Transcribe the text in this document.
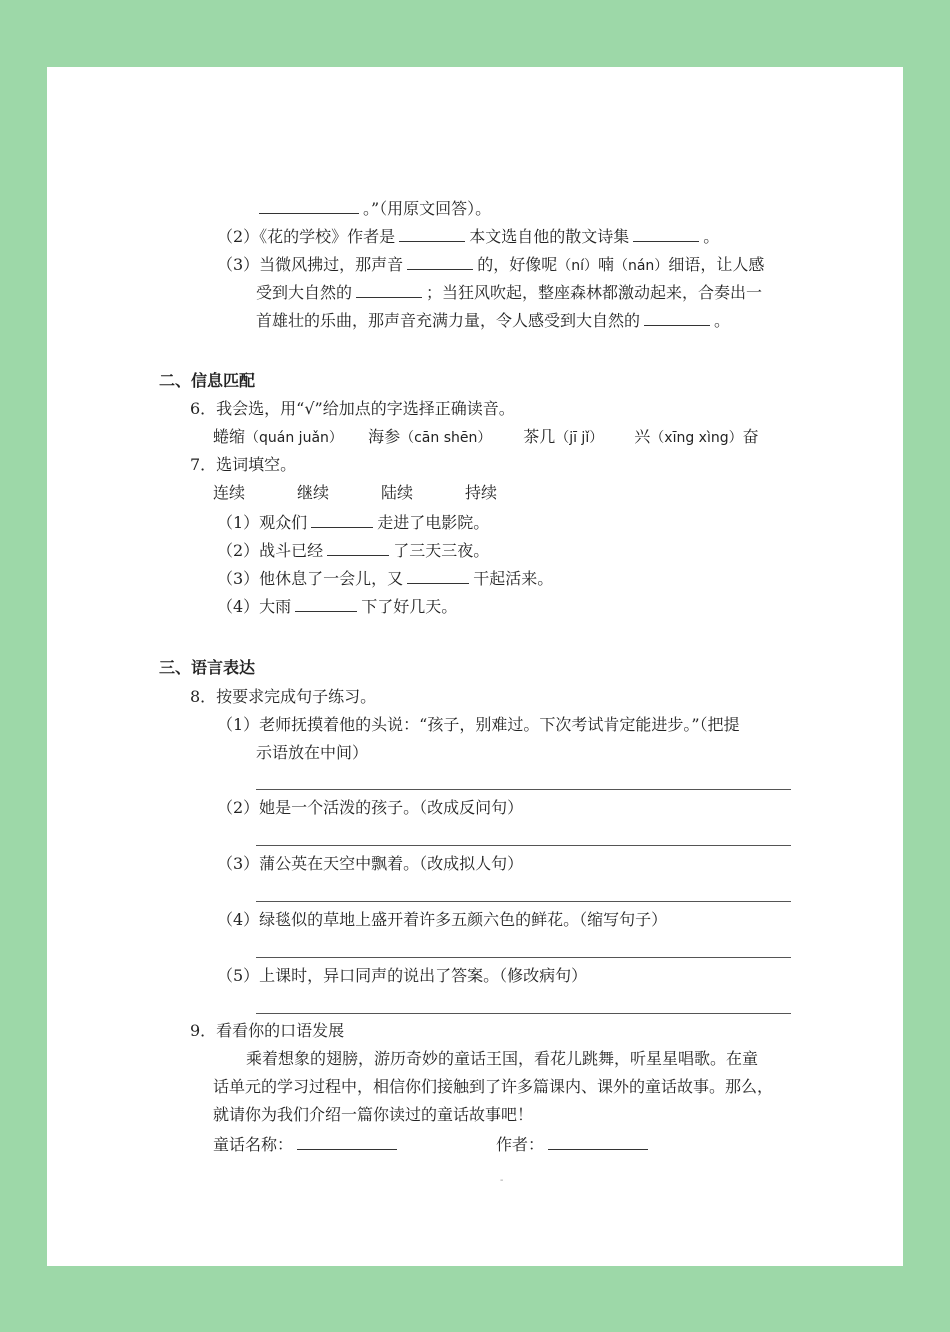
。”（用原文回答）。
（2）《花的学校》作者是	本文选自他的散文诗集	。
（3）当微风拂过，那声音	的，好像呢（ní）喃（nán）细语，让人感
受到大自然的	；当狂风吹起，整座森林都激动起来，合奏出一
首雄壮的乐曲，那声音充满力量，令人感受到大自然的	。
二、信息匹配
6．我会选，用“√”给加点的字选择正确读音。
蜷缩（quán juǎn） 海参（cān shēn） 茶几（jī jǐ） 兴（xīng xìng）奋
7．选词填空。
连续	继续	陆续	持续
（1）观众们	走进了电影院。
（2）战斗已经	了三天三夜。
（3）他休息了一会儿，又	干起活来。
（4）大雨	下了好几天。
三、语言表达
8．按要求完成句子练习。
（1）老师抚摸着他的头说：“孩子，别难过。下次考试肯定能进步。”（把提
示语放在中间）
（2）她是一个活泼的孩子。（改成反问句）
（3）蒲公英在天空中飘着。（改成拟人句）
（4）绿毯似的草地上盛开着许多五颜六色的鲜花。（缩写句子）
（5）上课时，异口同声的说出了答案。（修改病句）
9．看看你的口语发展
乘着想象的翅膀，游历奇妙的童话王国，看花儿跳舞，听星星唱歌。在童
话单元的学习过程中，相信你们接触到了许多篇课内、课外的童话故事。那么，
就请你为我们介绍一篇你读过的童话故事吧！
童话名称：	作者：
-
